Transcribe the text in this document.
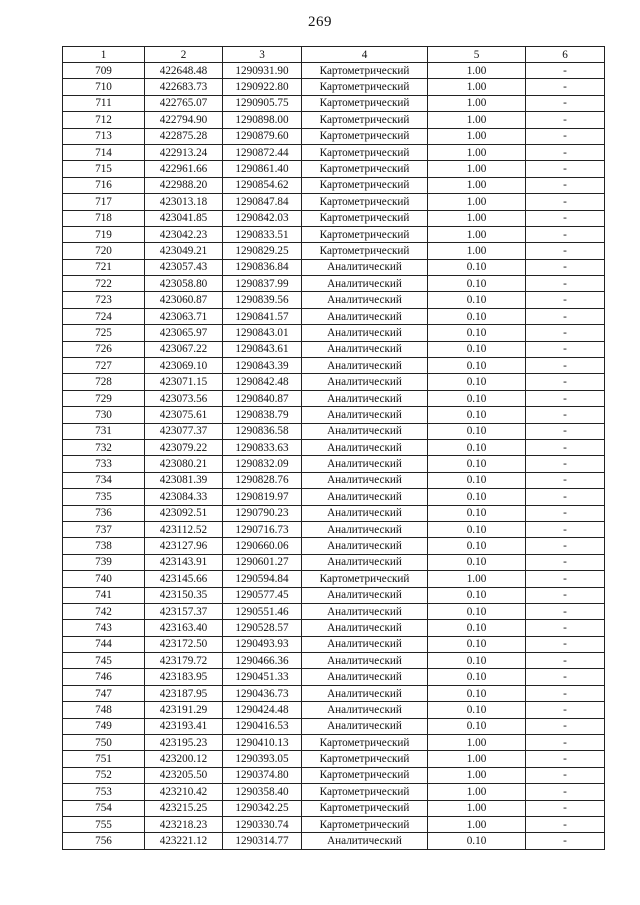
269
1	2	3	4	5	6
709	422648.48	1290931.90	Картометрический	1.00	-
710	422683.73	1290922.80	Картометрический	1.00	-
711	422765.07	1290905.75	Картометрический	1.00	-
712	422794.90	1290898.00	Картометрический	1.00	-
713	422875.28	1290879.60	Картометрический	1.00	-
714	422913.24	1290872.44	Картометрический	1.00	-
715	422961.66	1290861.40	Картометрический	1.00	-
716	422988.20	1290854.62	Картометрический	1.00	-
717	423013.18	1290847.84	Картометрический	1.00	-
718	423041.85	1290842.03	Картометрический	1.00	-
719	423042.23	1290833.51	Картометрический	1.00	-
720	423049.21	1290829.25	Картометрический	1.00	-
721	423057.43	1290836.84	Аналитический	0.10	-
722	423058.80	1290837.99	Аналитический	0.10	-
723	423060.87	1290839.56	Аналитический	0.10	-
724	423063.71	1290841.57	Аналитический	0.10	-
725	423065.97	1290843.01	Аналитический	0.10	-
726	423067.22	1290843.61	Аналитический	0.10	-
727	423069.10	1290843.39	Аналитический	0.10	-
728	423071.15	1290842.48	Аналитический	0.10	-
729	423073.56	1290840.87	Аналитический	0.10	-
730	423075.61	1290838.79	Аналитический	0.10	-
731	423077.37	1290836.58	Аналитический	0.10	-
732	423079.22	1290833.63	Аналитический	0.10	-
733	423080.21	1290832.09	Аналитический	0.10	-
734	423081.39	1290828.76	Аналитический	0.10	-
735	423084.33	1290819.97	Аналитический	0.10	-
736	423092.51	1290790.23	Аналитический	0.10	-
737	423112.52	1290716.73	Аналитический	0.10	-
738	423127.96	1290660.06	Аналитический	0.10	-
739	423143.91	1290601.27	Аналитический	0.10	-
740	423145.66	1290594.84	Картометрический	1.00	-
741	423150.35	1290577.45	Аналитический	0.10	-
742	423157.37	1290551.46	Аналитический	0.10	-
743	423163.40	1290528.57	Аналитический	0.10	-
744	423172.50	1290493.93	Аналитический	0.10	-
745	423179.72	1290466.36	Аналитический	0.10	-
746	423183.95	1290451.33	Аналитический	0.10	-
747	423187.95	1290436.73	Аналитический	0.10	-
748	423191.29	1290424.48	Аналитический	0.10	-
749	423193.41	1290416.53	Аналитический	0.10	-
750	423195.23	1290410.13	Картометрический	1.00	-
751	423200.12	1290393.05	Картометрический	1.00	-
752	423205.50	1290374.80	Картометрический	1.00	-
753	423210.42	1290358.40	Картометрический	1.00	-
754	423215.25	1290342.25	Картометрический	1.00	-
755	423218.23	1290330.74	Картометрический	1.00	-
756	423221.12	1290314.77	Аналитический	0.10	-
